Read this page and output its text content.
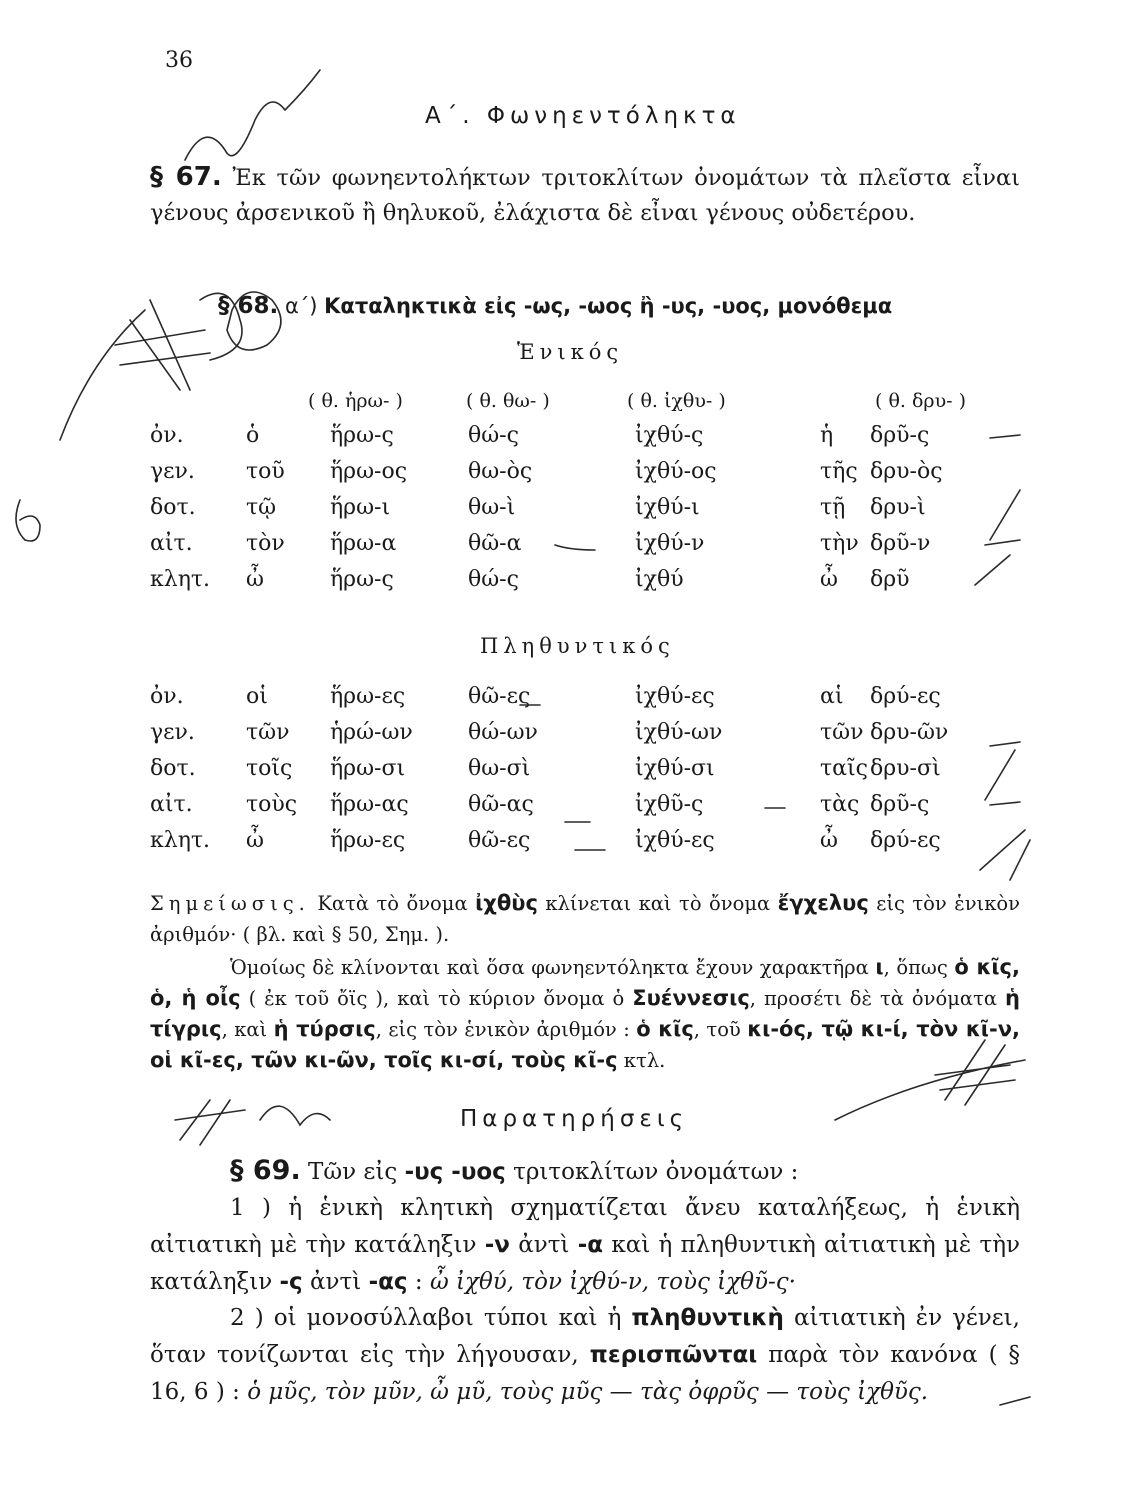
36
Α΄. Φωνηεντόληκτα
§ 67. Ἐκ τῶν φωνηεντολήκτων τριτοκλίτων ὀνομάτων τὰ πλεῖστα εἶναι γένους ἀρσενικοῦ ἢ θηλυκοῦ, ἐλάχιστα δὲ εἶναι γένους οὐδετέρου.
§ 68. α΄) Καταληκτικὰ εἰς -ως, -ωος ἢ -υς, -υος, μονόθεμα
Ἑνικός
( θ. ἡρω- )	( θ. θω- )	( θ. ἰχθυ- )	( θ. δρυ- )
ὀν.	ὁ	ἥρω-ς	θώ-ς	ἰχθύ-ς	ἡ δρῦ-ς
γεν. τοῦ ἥρω-ος	θω-ὸς	ἰχθύ-ος	τῆς δρυ-ὸς
δοτ. τῷ ἥρω-ι	θω-ὶ	ἰχθύ-ι	τῇ δρυ-ὶ
αἰτ. τὸν ἥρω-α	θῶ-α	ἰχθύ-ν	τὴν δρῦ-ν
κλητ. ὦ	ἥρω-ς	θώ-ς	ἰχθύ	ὦ δρῦ
Πληθυντικός
ὀν.	οἱ	ἥρω-ες	θῶ-ες	ἰχθύ-ες	αἱ δρύ-ες
γεν. τῶν ἡρώ-ων	θώ-ων	ἰχθύ-ων	τῶν δρυ-ῶν
δοτ. τοῖς ἥρω-σι	θω-σὶ	ἰχθύ-σι	ταῖς δρυ-σὶ
αἰτ. τοὺς ἥρω-ας	θῶ-ας	ἰχθῦ-ς	τὰς δρῦ-ς
κλητ. ὦ	ἥρω-ες	θῶ-ες	ἰχθύ-ες	ὦ δρύ-ες
Σημείωσις. Κατὰ τὸ ὄνομα ἰχθὺς κλίνεται καὶ τὸ ὄνομα ἔγχελυς εἰς τὸν ἑνικὸν ἀριθμόν· ( βλ. καὶ § 50, Σημ. ).
Ὁμοίως δὲ κλίνονται καὶ ὅσα φωνηεντόληκτα ἔχουν χαρακτῆρα ι, ὅπως ὁ κῖς, ὁ, ἡ οἶς ( ἐκ τοῦ ὄϊς ), καὶ τὸ κύριον ὄνομα ὁ Συέννεσις, προσέτι δὲ τὰ ὀνόματα ἡ τίγρις, καὶ ἡ τύρσις, εἰς τὸν ἑνικὸν ἀριθμόν : ὁ κῖς, τοῦ κι-ός, τῷ κι-ί, τὸν κῖ-ν, οἱ κῖ-ες, τῶν κι-ῶν, τοῖς κι-σί, τοὺς κῖ-ς κτλ.
Παρατηρήσεις
§ 69. Τῶν εἰς -υς -υος τριτοκλίτων ὀνομάτων :
1 ) ἡ ἑνικὴ κλητικὴ σχηματίζεται ἄνευ καταλήξεως, ἡ ἑνικὴ αἰτιατικὴ μὲ τὴν κατάληξιν -ν ἀντὶ -α καὶ ἡ πληθυντικὴ αἰτιατικὴ μὲ τὴν κατάληξιν -ς ἀντὶ -ας : ὦ ἰχθύ, τὸν ἰχθύ-ν, τοὺς ἰχθῦ-ς·
2 ) οἱ μονοσύλλαβοι τύποι καὶ ἡ πληθυντικὴ αἰτιατικὴ ἐν γένει, ὅταν τονίζωνται εἰς τὴν λήγουσαν, περισπῶνται παρὰ τὸν κανόνα ( § 16, 6 ) : ὁ μῦς, τὸν μῦν, ὦ μῦ, τοὺς μῦς — τὰς ὀφρῦς — τοὺς ἰχθῦς.
